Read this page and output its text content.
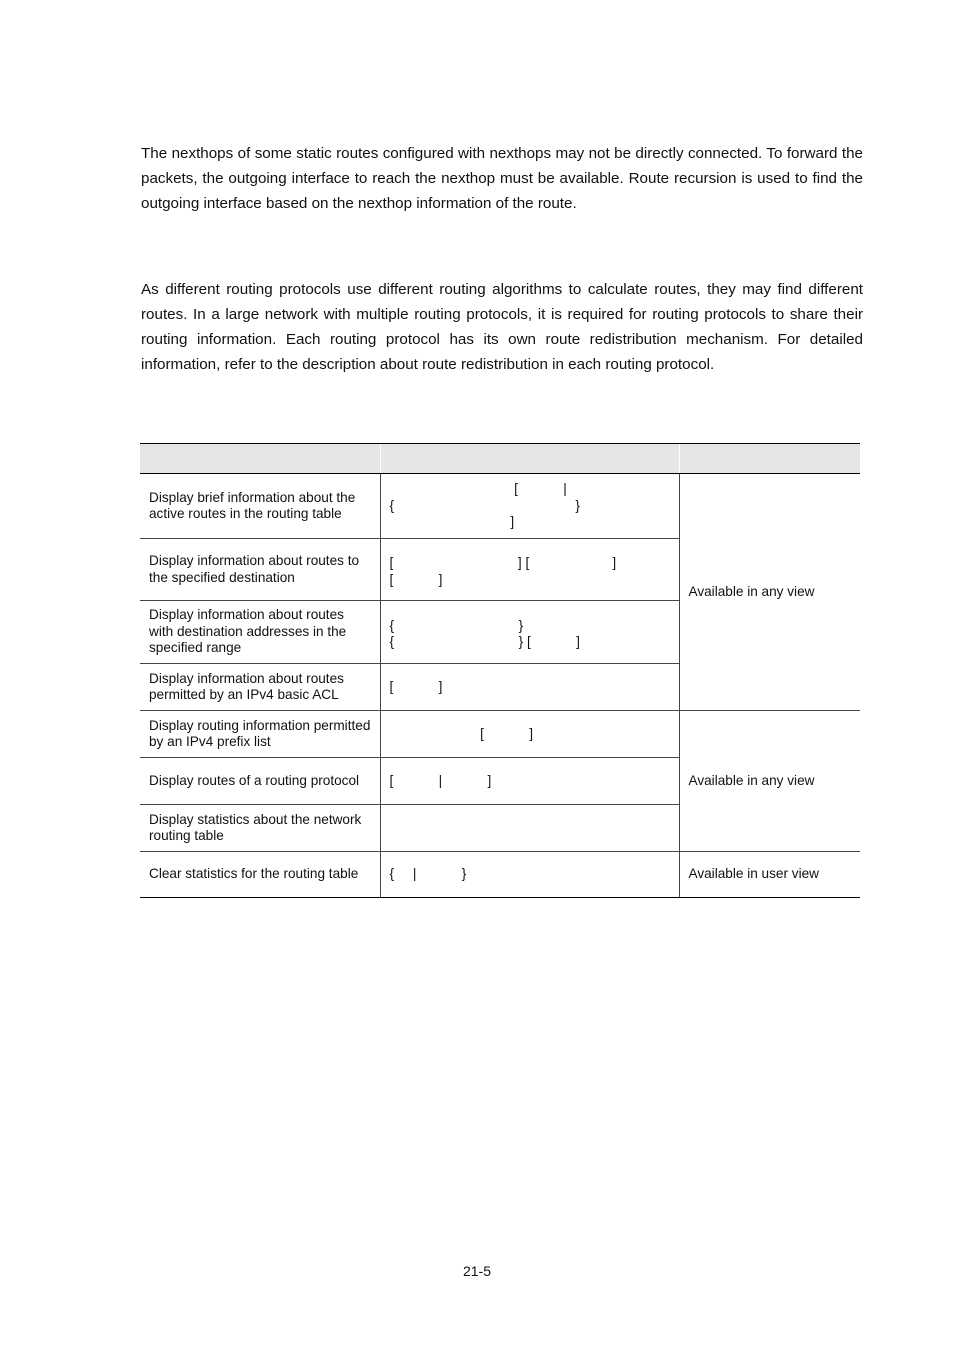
The nexthops of some static routes configured with nexthops may not be directly connected. To forward the packets, the outgoing interface to reach the nexthop must be available. Route recursion is used to find the outgoing interface based on the nexthop information of the route.

As different routing protocols use different routing algorithms to calculate routes, they may find different routes. In a large network with multiple routing protocols, it is required for routing protocols to share their routing information. Each routing protocol has its own route redistribution mechanism. For detailed information, refer to the description about route redistribution in each routing protocol.

Display brief information about the active routes in the routing table	[            |
{                                                }
]	Available in any view
Display information about routes to the specified destination	[                                 ] [                      ]
[            ]	

Display information about routes with destination addresses in the specified range	{                                 }
{                                 } [            ]	

Display information about routes permitted by an IPv4 basic ACL	[            ]	

Display routing information permitted by an IPv4 prefix list	[            ]	Available in any view
Display routes of a routing protocol	[            |            ]	

Display statistics about the network routing table		

Clear statistics for the routing table	{     |            }	Available in user view
21-5
